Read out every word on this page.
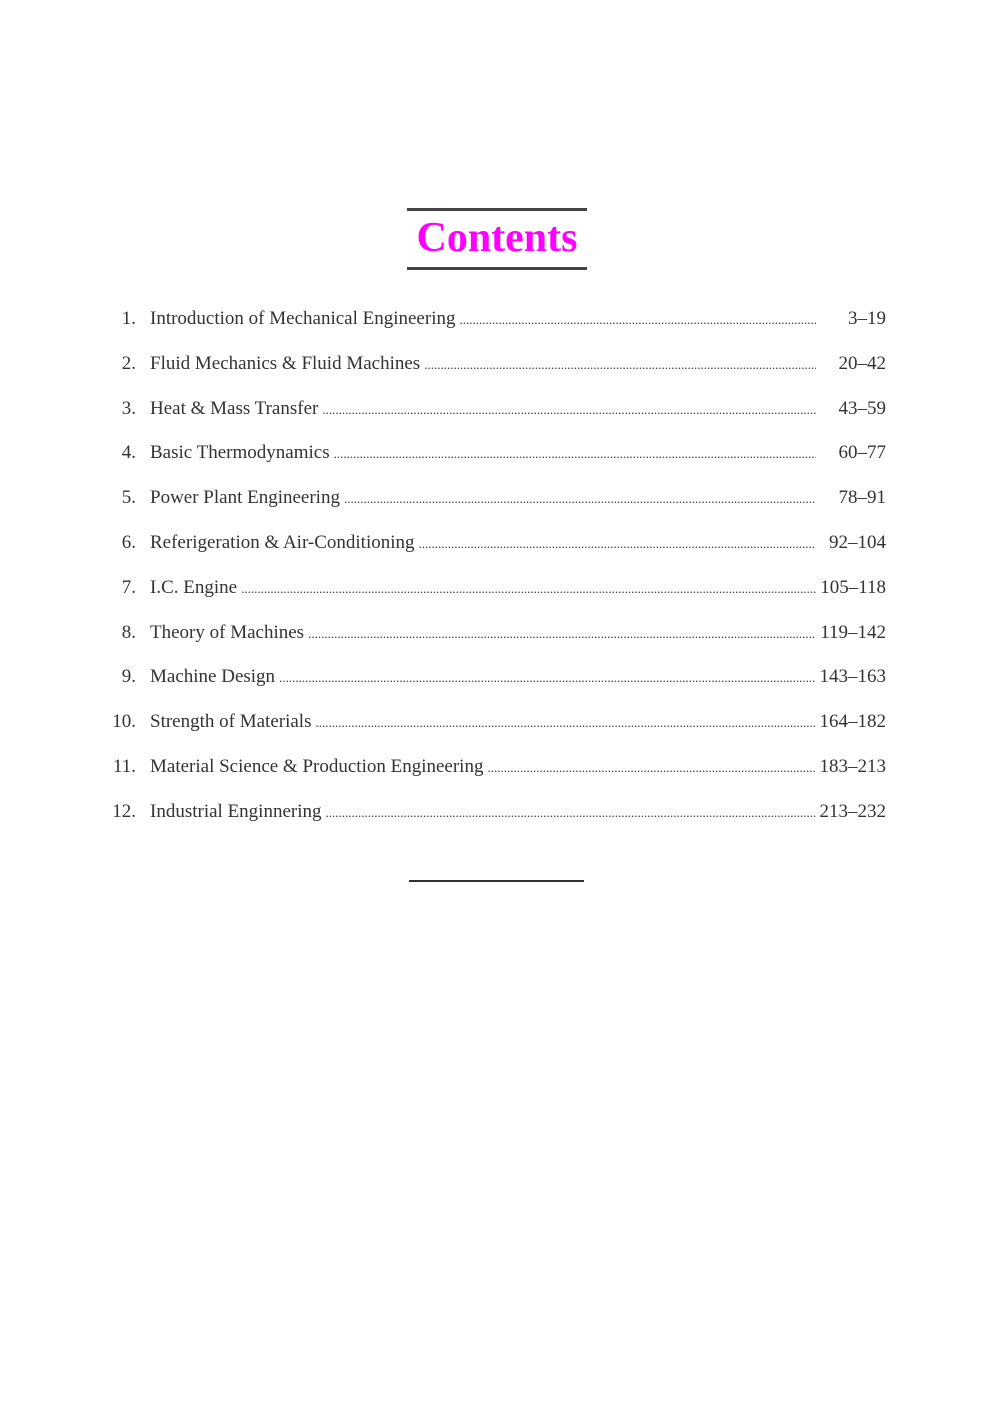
Contents
1. Introduction of Mechanical Engineering .....	3–19
2. Fluid Mechanics & Fluid Machines .....	20–42
3. Heat & Mass Transfer .....	43–59
4. Basic Thermodynamics .....	60–77
5. Power Plant Engineering .....	78–91
6. Referigeration & Air-Conditioning .....	92–104
7. I.C. Engine .....	105–118
8. Theory of Machines .....	119–142
9. Machine Design .....	143–163
10. Strength of Materials .....	164–182
11. Material Science & Production Engineering .....	183–213
12. Industrial Enginnering .....	213–232
